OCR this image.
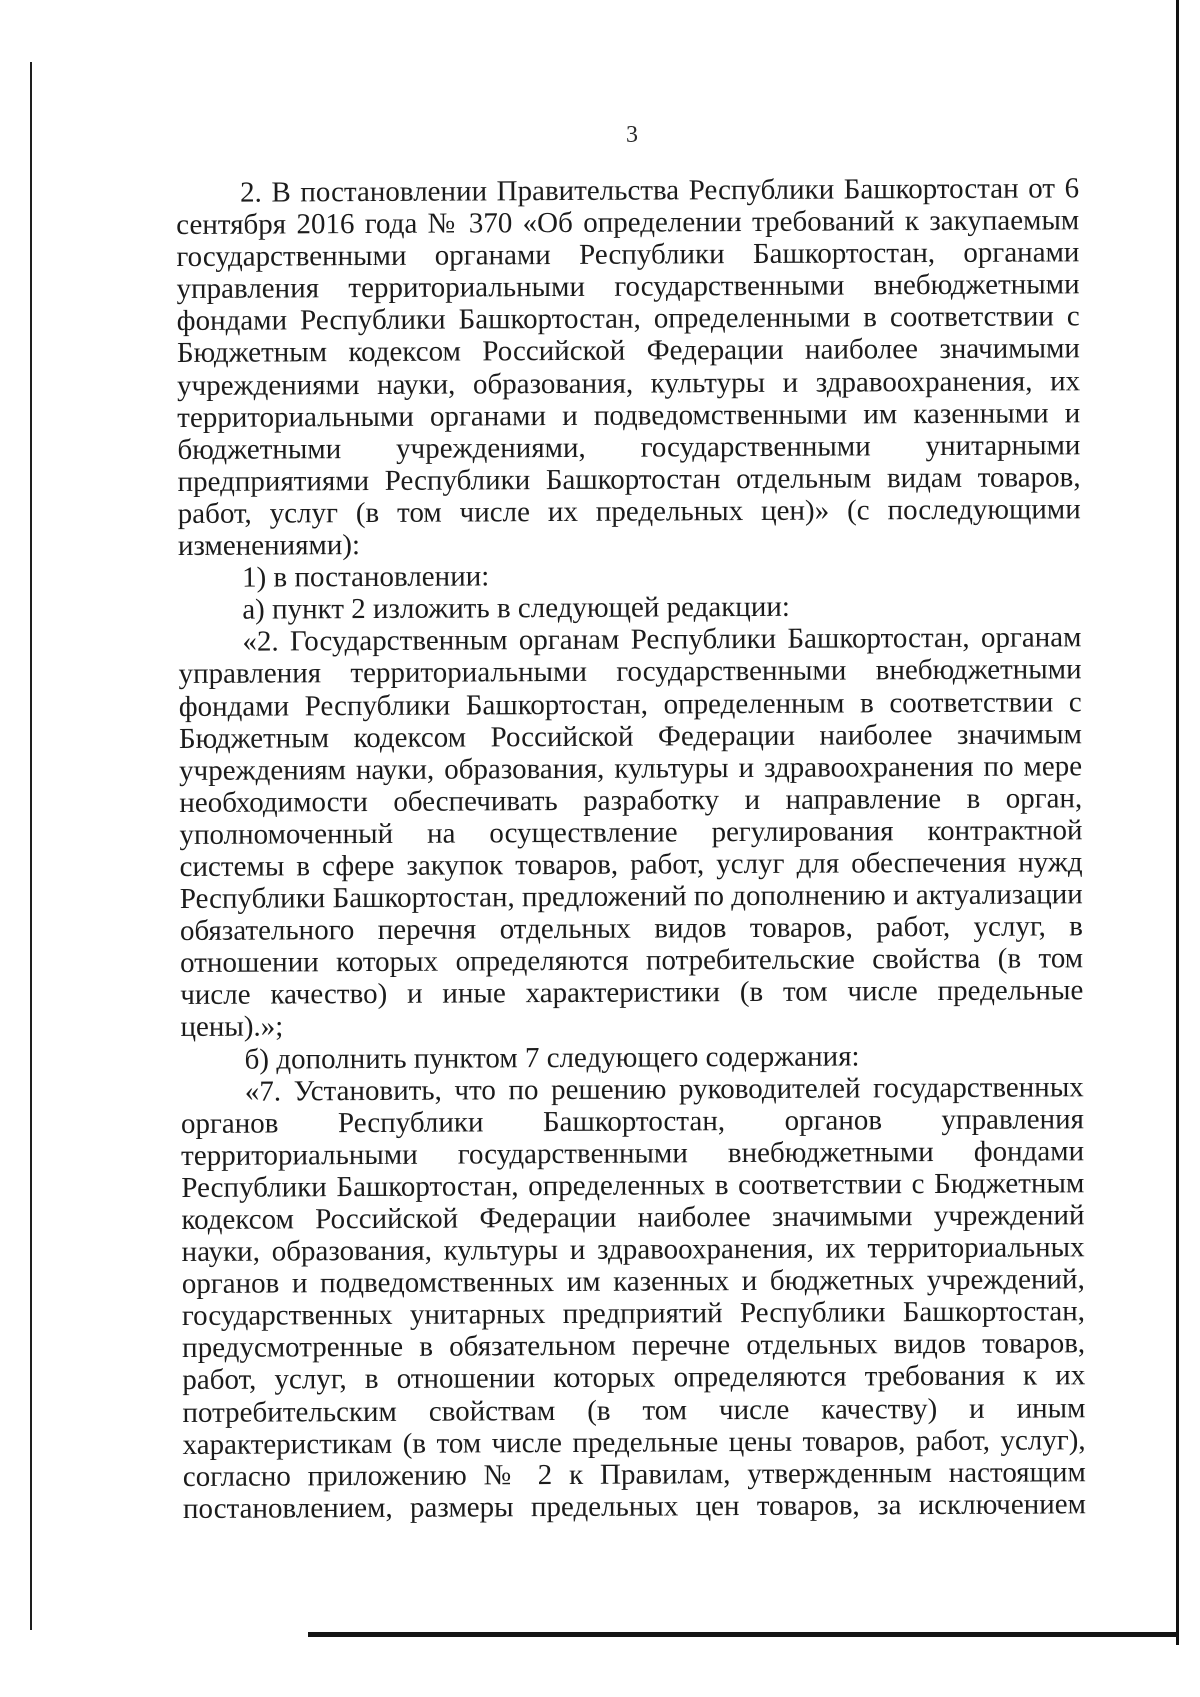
3

2. В постановлении Правительства Республики Башкортостан от 6 сентября 2016 года № 370 «Об определении требований к закупаемым государственными органами Республики Башкортостан, органами управления территориальными государственными внебюджетными фондами Республики Башкортостан, определенными в соответствии с Бюджетным кодексом Российской Федерации наиболее значимыми учреждениями науки, образования, культуры и здравоохранения, их территориальными органами и подведомственными им казенными и бюджетными учреждениями, государственными унитарными предприятиями Республики Башкортостан отдельным видам товаров, работ, услуг (в том числе их предельных цен)» (с последующими изменениями):

1) в постановлении:

а) пункт 2 изложить в следующей редакции:

«2. Государственным органам Республики Башкортостан, органам управления территориальными государственными внебюджетными фондами Республики Башкортостан, определенным в соответствии с Бюджетным кодексом Российской Федерации наиболее значимым учреждениям науки, образования, культуры и здравоохранения по мере необходимости обеспечивать разработку и направление в орган, уполномоченный на осуществление регулирования контрактной системы в сфере закупок товаров, работ, услуг для обеспечения нужд Республики Башкортостан, предложений по дополнению и актуализации обязательного перечня отдельных видов товаров, работ, услуг, в отношении которых определяются потребительские свойства (в том числе качество) и иные характеристики (в том числе предельные цены).»;

б) дополнить пунктом 7 следующего содержания:

«7. Установить, что по решению руководителей государственных органов Республики Башкортостан, органов управления территориальными государственными внебюджетными фондами Республики Башкортостан, определенных в соответствии с Бюджетным кодексом Российской Федерации наиболее значимыми учреждений науки, образования, культуры и здравоохранения, их территориальных органов и подведомственных им казенных и бюджетных учреждений, государственных унитарных предприятий Республики Башкортостан, предусмотренные в обязательном перечне отдельных видов товаров, работ, услуг, в отношении которых определяются требования к их потребительским свойствам (в том числе качеству) и иным характеристикам (в том числе предельные цены товаров, работ, услуг), согласно приложению № 2 к Правилам, утвержденным настоящим постановлением, размеры предельных цен товаров, за исключением
